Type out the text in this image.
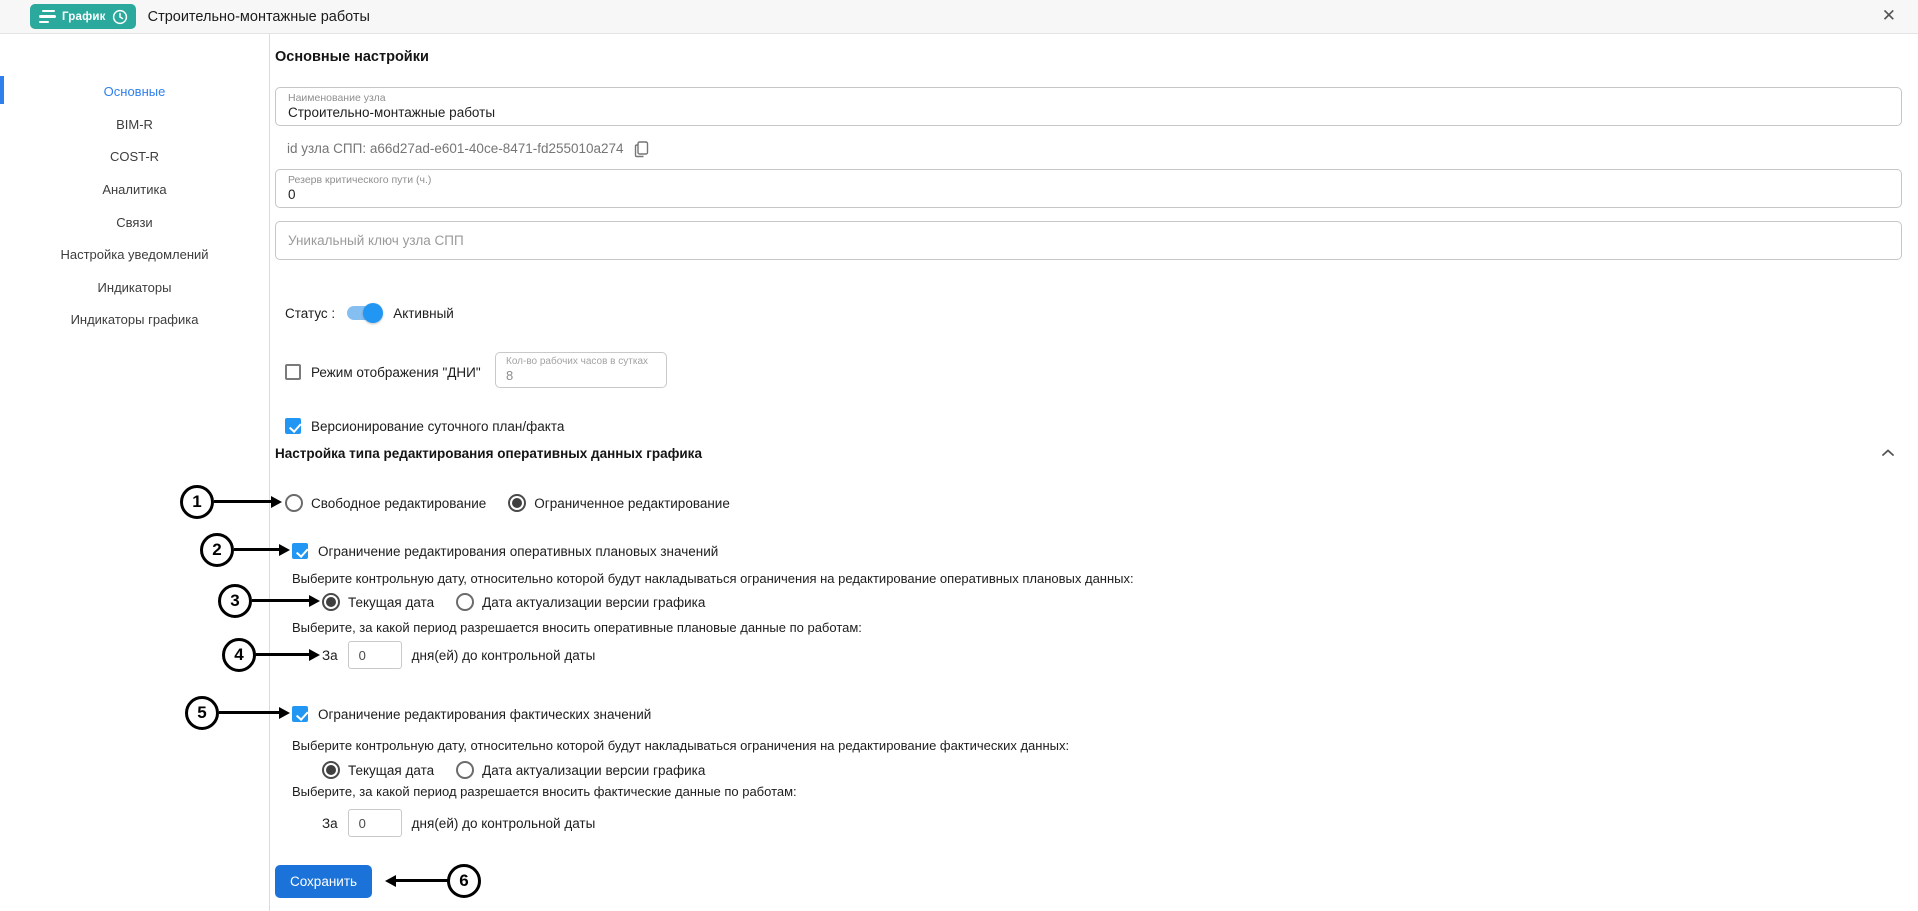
График	Строительно-монтажные работы	✕
Основные
BIM-R
COST-R
Аналитика
Связи
Настройка уведомлений
Индикаторы
Индикаторы графика
Основные настройки
Наименование узла
Строительно-монтажные работы
id узла СПП: a66d27ad-e601-40ce-8471-fd255010a274
Резерв критического пути (ч.)
0
Уникальный ключ узла СПП
Статус :	Активный
Режим отображения "ДНИ"
Кол-во рабочих часов в сутках
8
Версионирование суточного план/факта
Настройка типа редактирования оперативных данных графика
Свободное редактирование	Ограниченное редактирование
Ограничение редактирования оперативных плановых значений
Выберите контрольную дату, относительно которой будут накладываться ограничения на редактирование оперативных плановых данных:
Текущая дата	Дата актуализации версии графика
Выберите, за какой период разрешается вносить оперативные плановые данные по работам:
За
0	дня(ей) до контрольной даты
Ограничение редактирования фактических значений
Выберите контрольную дату, относительно которой будут накладываться ограничения на редактирование фактических данных:
Текущая дата	Дата актуализации версии графика
Выберите, за какой период разрешается вносить фактические данные по работам:
За
0	дня(ей) до контрольной даты
Сохранить
1
2
3
4
5
6
